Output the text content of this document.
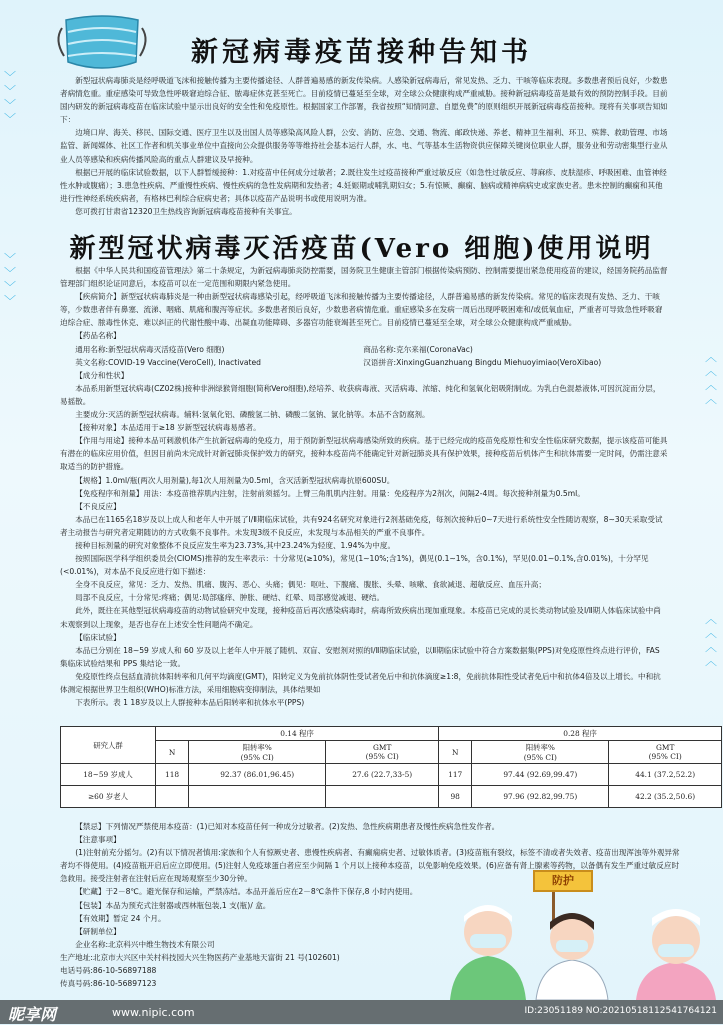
﹀
﹀
﹀
﹀
﹀
﹀
﹀
﹀
︿
︿
︿
︿
︿
︿
︿
︿
新冠病毒疫苗接种告知书

新型冠状病毒肺炎是经呼吸道飞沫和接触传播为主要传播途径、人群普遍易感的新发传染病。人感染新冠病毒后，常见发热、乏力、干咳等临床表现。多数患者预后良好，少数患者病情危重。重症感染可导致急性呼吸窘迫综合征、脓毒症休克甚至死亡。目前疫情已蔓延至全球，对全球公众健康构成严重威胁。接种新冠病毒疫苗是最有效的预防控制手段。目前国内研发的新冠病毒疫苗在临床试验中显示出良好的安全性和免疫原性。根据国家工作部署，我省按照“知情同意、自愿免费”的原则组织开展新冠病毒疫苗接种。现将有关事项告知如下：

边境口岸、海关、移民、国际交通、医疗卫生以及出国人员等感染高风险人群，公安、消防、应急、交通、物流、邮政快递、养老、精神卫生福利、环卫、殡葬、救助管理、市场监管、新闻媒体、社区工作者和机关事业单位中直接向公众提供服务等等维持社会基本运行人群，水、电、气等基本生活物资供应保障关键岗位职业人群，服务业和劳动密集型行业从业人员等感染和疾病传播风险高的重点人群建议及早接种。

根据已开展的临床试验数据，以下人群暂缓接种：1.对疫苗中任何成分过敏者；2.既往发生过疫苗接种严重过敏反应（如急性过敏反应、荨麻疹、皮肤湿疹、呼吸困难、血管神经性水肿或腹痛）；3.患急性疾病、严重慢性疾病、慢性疾病的急性发病期和发热者；4.妊娠期或哺乳期妇女；5.有惊厥、癫痫、脑病或精神病病史或家族史者。患未控制的癫痫和其他进行性神经系统疾病者，有格林巴利综合症病史者；具体以疫苗产品说明书或使用说明为准。

您可拨打甘肃省12320卫生热线咨询新冠病毒疫苗接种有关事宜。

新型冠状病毒灭活疫苗(Vero 细胞)使用说明

根据《中华人民共和国疫苗管理法》第二十条规定，为新冠病毒肺炎防控需要，国务院卫生健康主管部门根据传染病预防、控制需要提出紧急使用疫苗的建议，经国务院药品监督管理部门组织论证同意后，本疫苗可以在一定范围和期限内紧急使用。

【疾病简介】新型冠状病毒肺炎是一种由新型冠状病毒感染引起，经呼吸道飞沫和接触传播为主要传播途径，人群普遍易感的新发传染病。常见的临床表现有发热、乏力、干咳等，少数患者伴有鼻塞、流涕、咽痛、肌痛和腹泻等症状。多数患者预后良好，少数患者病情危重。重症感染多在发病一周后出现呼吸困难和/或低氧血症，严重者可导致急性呼吸窘迫综合症、脓毒性休克、难以纠正的代谢性酸中毒、出凝血功能障碍、多器官功能衰竭甚至死亡。目前疫情已蔓延至全球，对全球公众健康构成严重威胁。

【药品名称】

通用名称:新型冠状病毒灭活疫苗(Vero 细胞)	商品名称:克尔来福(CoronaVac)
英文名称:COVID-19 Vaccine(VeroCell), Inactivated	汉语拼音:XinxingGuanzhuang Bingdu Miehuoyimiao(VeroXibao)

【成分和性状】

本品系用新型冠状病毒(CZ02株)接种非洲绿猴肾细胞(简称Vero细胞),经培养、收获病毒液、灭活病毒、浓缩、纯化和氢氧化铝吸附制成。为乳白色混悬液体,可因沉淀而分层，易摇散。

主要成分:灭活的新型冠状病毒。辅料:氢氧化铝、磷酸氢二钠、磷酸二氢钠、氯化钠等。本品不含防腐剂。

【接种对象】本品适用于≥18 岁新型冠状病毒易感者。

【作用与用途】接种本品可刺激机体产生抗新冠病毒的免疫力，用于预防新型冠状病毒感染所致的疾病。基于已经完成的疫苗免疫原性和安全性临床研究数据，提示该疫苗可能具有潜在的临床应用价值，但因目前尚未完成针对新冠肺炎保护效力的研究，接种本疫苗尚不能确定针对新冠肺炎具有保护效果，接种疫苗后机体产生和抗体需要一定时间，仍需注意采取适当的防护措施。

【规格】1.0ml/瓶(两次人用剂量),每1次人用剂量为0.5ml，含灭活新型冠状病毒抗原600SU。

【免疫程序和剂量】用法：本疫苗推荐肌内注射，注射前须摇匀。上臂三角肌肌内注射。用量：免疫程序为2剂次，间隔2-4周。每次接种剂量为0.5ml。

【不良反应】

本品已在1165名18岁及以上成人和老年人中开展了Ⅰ/Ⅱ期临床试验，共有924名研究对象进行2剂基础免疫，每剂次接种后0~7天进行系统性安全性随访观察，8~30天采取受试者主动报告与研究者定期随访的方式收集不良事件。未发现3级不良反应，未发现与本品相关的严重不良事件。

接种目标剂量的研究对象整体不良反应发生率为23.73%,其中23.24%为轻度、1.94%为中度。

按照国际医学科学组织委员会(CIOMS)推荐的发生率表示：十分常见(≥10%)，常见(1~10%;含1%)，偶见(0.1~1%，含0.1%)，罕见(0.01~0.1%,含0.01%)，十分罕见(<0.01%)，对本品不良反应进行如下描述：

全身不良反应，常见：乏力、发热、肌痛、腹泻、恶心、头痛；偶见：呕吐、下腹痛、腹胀、头晕、咳嗽、食欲减退、超敏反应、血压升高；

局部不良反应，十分常见:疼痛；偶见:局部瘙痒、肿胀、硬结、红晕、局部感觉减退、硬结。

此外，既往在其他型冠状病毒疫苗的动物试验研究中发现，接种疫苗后再次感染病毒时，病毒所致疾病出现加重现象。本疫苗已完成的灵长类动物试验及Ⅰ/Ⅱ期人体临床试验中尚未观察到以上现象，是否也存在上述安全性问题尚不确定。

【临床试验】

本品已分别在 18~59 岁成人和 60 岁及以上老年人中开展了随机、双盲、安慰剂对照的Ⅰ/Ⅱ期临床试验，以Ⅱ期临床试验中符合方案数据集(PPS)对免疫原性终点进行评价，FAS 集临床试验结果和 PPS 集结论一致。

免疫原性终点包括血清抗体阳转率和几何平均滴度(GMT)，阳转定义为免前抗体阴性受试者免后中和抗体滴度≥1:8，免前抗体阳性受试者免后中和抗体4倍及以上增长。中和抗体测定根据世界卫生组织(WHO)标准方法，采用细胞病变抑制法，具体结果如

下表所示。表 1 18岁及以上人群接种本品后阳转率和抗体水平(PPS)

研究人群	0.14 程序			0.28 程序		
	N	阳转率%
(95% CI)	GMT
(95% CI)	N	阳转率%
(95% CI)	GMT
(95% CI)
18~59 岁成人	118	92.37 (86.01,96.45)	27.6 (22.7,33-5)	117	97.44 (92.69,99.47)	44.1 (37.2,52.2)
≥60 岁老人				98	97.96 (92.82,99.75)	42.2 (35.2,50.6)

【禁忌】下列情况严禁使用本疫苗：(1)已知对本疫苗任何一种成分过敏者。(2)发热、急性疾病期患者及慢性疾病急性发作者。

【注意事项】

(1)注射前充分摇匀。(2)有以下情况者慎用:家族和个人有惊厥史者、患慢性疾病者、有癫痫病史者、过敏体质者。(3)疫苗瓶有裂纹，标签不清或者失效者、疫苗出现浑浊等外观异常者均不得使用。(4)疫苗瓶开启后应立即使用。(5)注射人免疫球蛋白者应至少间隔 1 个月以上接种本疫苗，以免影响免疫效果。(6)应备有肾上腺素等药物，以备偶有发生严重过敏反应时急救用。接受注射者在注射后应在现场观察至少30分钟。

【贮藏】于2－8℃。避光保存和运输，严禁冻结。本品开盖后应在2－8℃条件下保存,8 小时内使用。

【包装】本品为预充式注射器或西林瓶包装,1 支(瓶)/ 盒。

【有效期】暂定 24 个月。

【研制单位】

企业名称:北京科兴中维生物技术有限公司

生产地址:北京市大兴区中关村科技园大兴生物医药产业基地天富街 21 号(102601)

电话号码:86-10-56897188

传真号码:86-10-56897123

防护
昵享网	www.nipic.com	ID:23051189 NO:20210518112541764121
